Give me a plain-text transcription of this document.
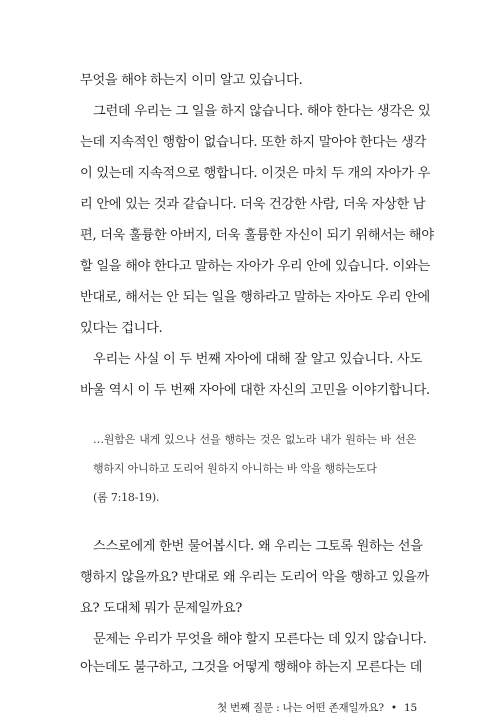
무엇을 해야 하는지 이미 알고 있습니다.
그런데 우리는 그 일을 하지 않습니다. 해야 한다는 생각은 있
는데 지속적인 행함이 없습니다. 또한 하지 말아야 한다는 생각
이 있는데 지속적으로 행합니다. 이것은 마치 두 개의 자아가 우
리 안에 있는 것과 같습니다. 더욱 건강한 사람, 더욱 자상한 남
편, 더욱 훌륭한 아버지, 더욱 훌륭한 자신이 되기 위해서는 해야
할 일을 해야 한다고 말하는 자아가 우리 안에 있습니다. 이와는
반대로, 해서는 안 되는 일을 행하라고 말하는 자아도 우리 안에
있다는 겁니다.
우리는 사실 이 두 번째 자아에 대해 잘 알고 있습니다. 사도
바울 역시 이 두 번째 자아에 대한 자신의 고민을 이야기합니다.
…원함은 내게 있으나 선을 행하는 것은 없노라 내가 원하는 바 선은
행하지 아니하고 도리어 원하지 아니하는 바 악을 행하는도다
(롬 7:18-19).
스스로에게 한번 물어봅시다. 왜 우리는 그토록 원하는 선을
행하지 않을까요? 반대로 왜 우리는 도리어 악을 행하고 있을까
요? 도대체 뭐가 문제일까요?
문제는 우리가 무엇을 해야 할지 모른다는 데 있지 않습니다.
아는데도 불구하고, 그것을 어떻게 행해야 하는지 모른다는 데
첫 번째 질문 : 나는 어떤 존재일까요? • 15
